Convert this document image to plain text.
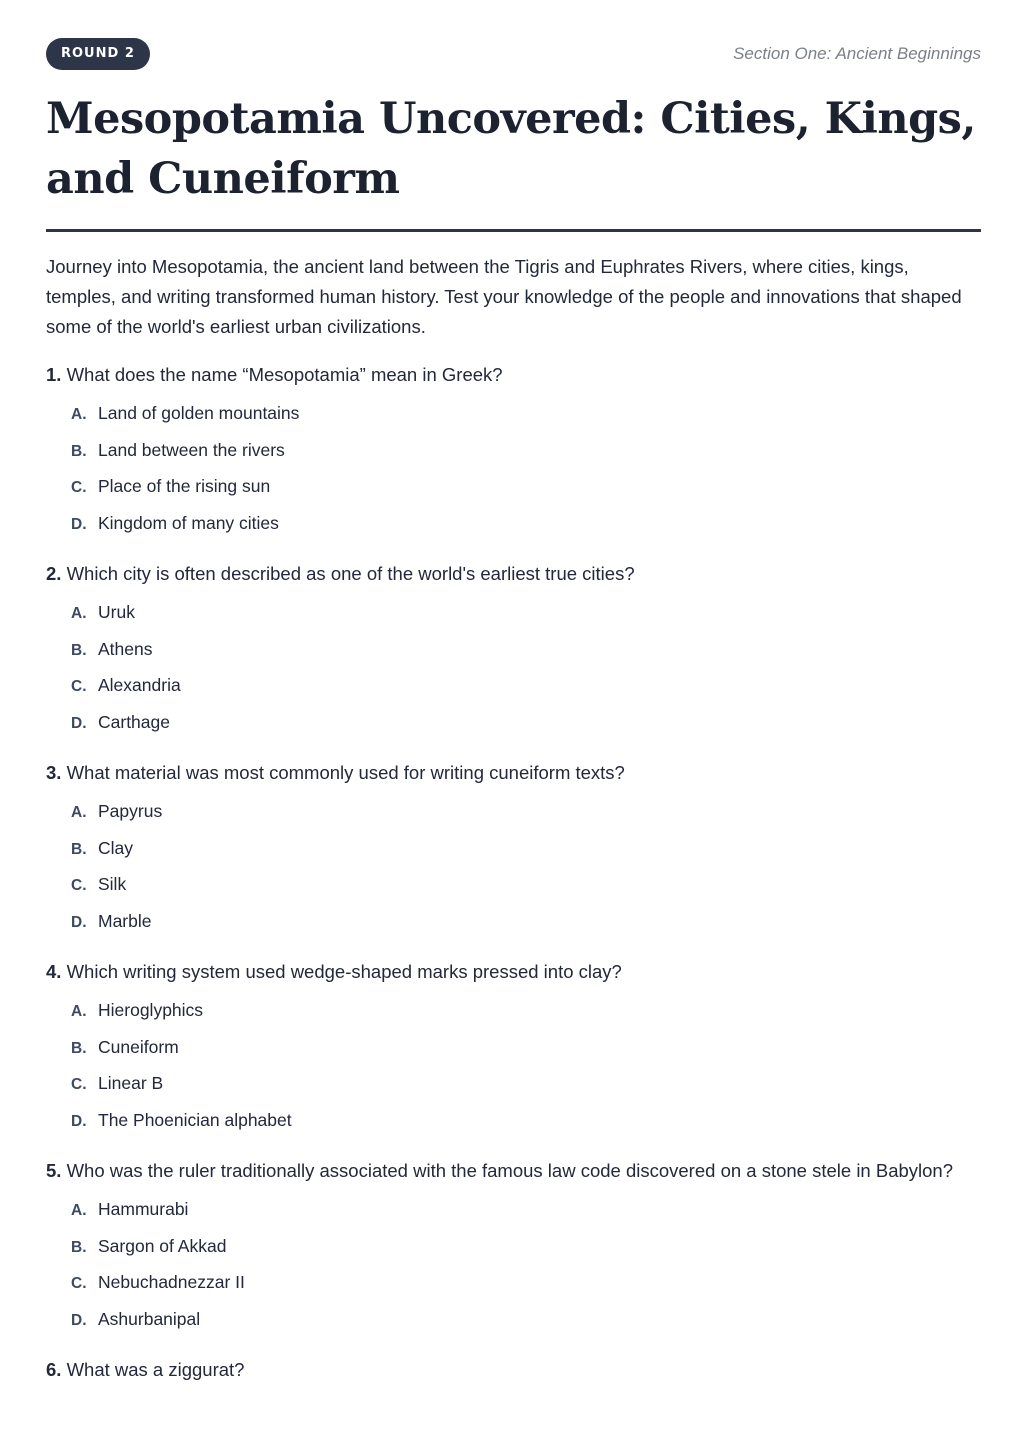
ROUND 2	Section One: Ancient Beginnings
Mesopotamia Uncovered: Cities, Kings, and Cuneiform

Journey into Mesopotamia, the ancient land between the Tigris and Euphrates Rivers, where cities, kings, temples, and writing transformed human history. Test your knowledge of the people and innovations that shaped some of the world's earliest urban civilizations.

1. What does the name “Mesopotamia” mean in Greek?
A. Land of golden mountains
B. Land between the rivers
C. Place of the rising sun
D. Kingdom of many cities
2. Which city is often described as one of the world's earliest true cities?
A. Uruk
B. Athens
C. Alexandria
D. Carthage
3. What material was most commonly used for writing cuneiform texts?
A. Papyrus
B. Clay
C. Silk
D. Marble
4. Which writing system used wedge-shaped marks pressed into clay?
A. Hieroglyphics
B. Cuneiform
C. Linear B
D. The Phoenician alphabet
5. Who was the ruler traditionally associated with the famous law code discovered on a stone stele in Babylon?
A. Hammurabi
B. Sargon of Akkad
C. Nebuchadnezzar II
D. Ashurbanipal
6. What was a ziggurat?
